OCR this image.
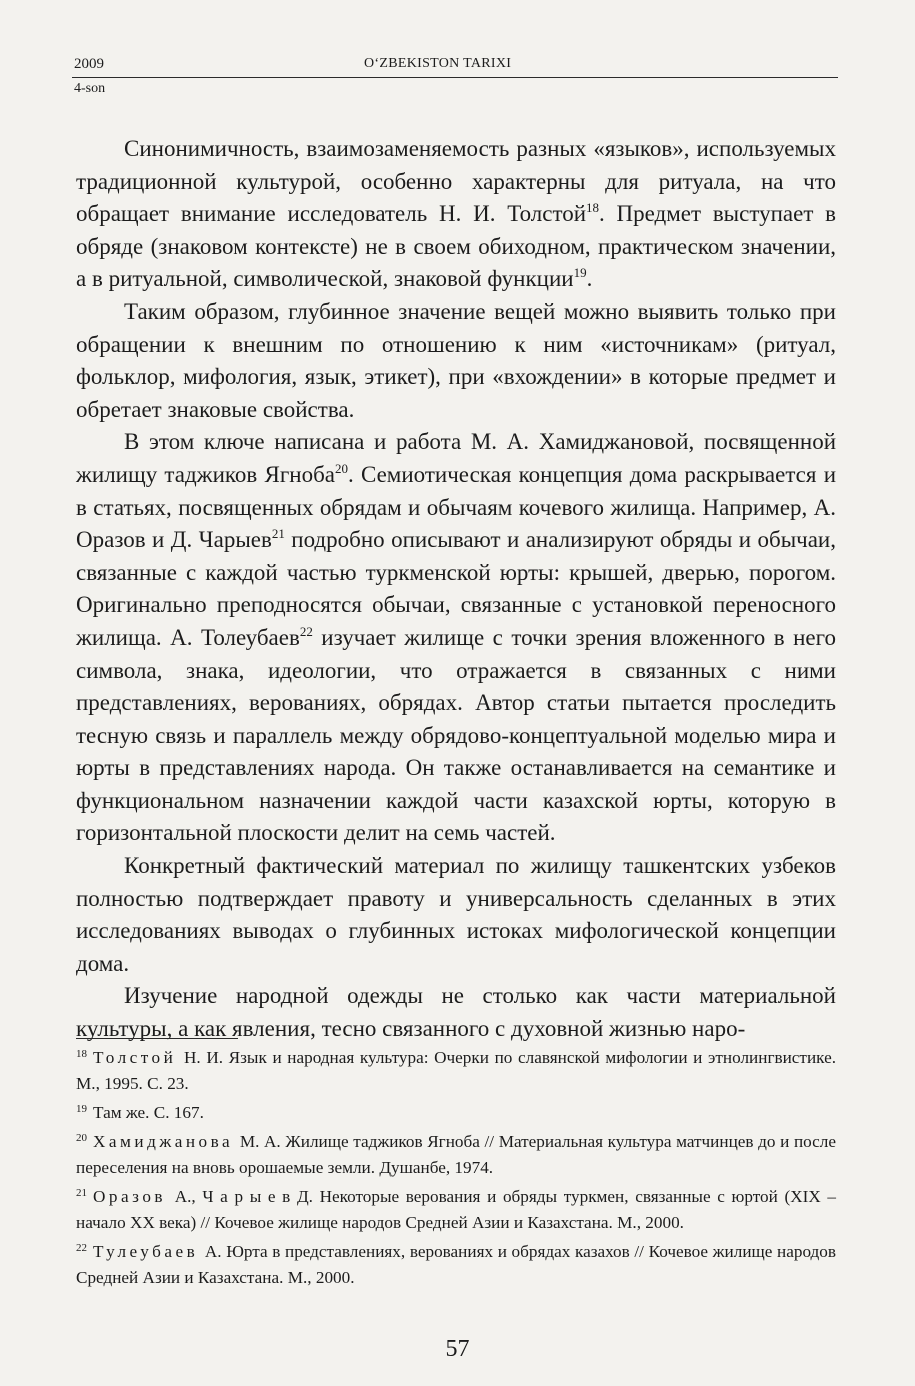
2009	O‘ZBEKISTON TARIXI
4-son

Синонимичность, взаимозаменяемость разных «языков», используемых традиционной культурой, особенно характерны для ритуала, на что обращает внимание исследователь Н. И. Толстой$^{18}$. Предмет выступает в обряде (знаковом контексте) не в своем обиходном, практическом значении, а в ритуальной, символической, знаковой функции$^{19}$.

Таким образом, глубинное значение вещей можно выявить только при обращении к внешним по отношению к ним «источникам» (ритуал, фольклор, мифология, язык, этикет), при «вхождении» в которые предмет и обретает знаковые свойства.

В этом ключе написана и работа М. А. Хамиджановой, посвященной жилищу таджиков Ягноба$^{20}$. Семиотическая концепция дома раскрывается и в статьях, посвященных обрядам и обычаям кочевого жилища. Например, А. Оразов и Д. Чарыев$^{21}$ подробно описывают и анализируют обряды и обычаи, связанные с каждой частью туркменской юрты: крышей, дверью, порогом. Оригинально преподносятся обычаи, связанные с установкой переносного жилища. А. Толеубаев$^{22}$ изучает жилище с точки зрения вложенного в него символа, знака, идеологии, что отражается в связанных с ними представлениях, верованиях, обрядах. Автор статьи пытается проследить тесную связь и параллель между обрядово-концептуальной моделью мира и юрты в представлениях народа. Он также останавливается на семантике и функциональном назначении каждой части казахской юрты, которую в горизонтальной плоскости делит на семь частей.

Конкретный фактический материал по жилищу ташкентских узбеков полностью подтверждает правоту и универсальность сделанных в этих исследованиях выводах о глубинных истоках мифологической концепции дома.

Изучение народной одежды не столько как части материальной культуры, а как явления, тесно связанного с духовной жизнью наро-

$^{18}$ Толстой Н. И. Язык и народная культура: Очерки по славянской мифологии и этнолингвистике. М., 1995. С. 23.

$^{19}$ Там же. С. 167.

$^{20}$ Хамиджанова М. А. Жилище таджиков Ягноба // Материальная культура матчинцев до и после переселения на вновь орошаемые земли. Душанбе, 1974.

$^{21}$ Оразов А., Ч а р ы е в Д. Некоторые верования и обряды туркмен, связанные с юртой (XIX – начало XX века) // Кочевое жилище народов Средней Азии и Казахстана. М., 2000.

$^{22}$ Тулеубаев А. Юрта в представлениях, верованиях и обрядах казахов // Кочевое жилище народов Средней Азии и Казахстана. М., 2000.

57
